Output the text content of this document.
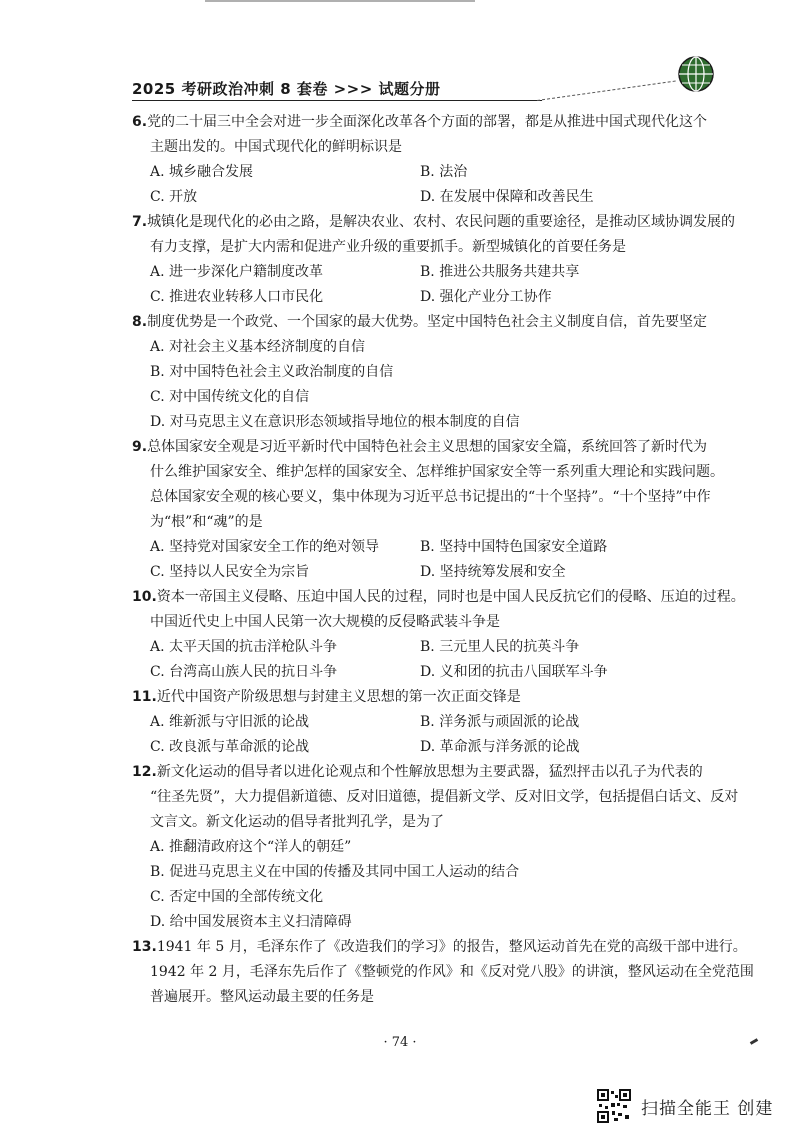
2025 考研政治冲刺 8 套卷 >>> 试题分册
6.党的二十届三中全会对进一步全面深化改革各个方面的部署，都是从推进中国式现代化这个
主题出发的。中国式现代化的鲜明标识是
A. 城乡融合发展	B. 法治
C. 开放	D. 在发展中保障和改善民生
7.城镇化是现代化的必由之路，是解决农业、农村、农民问题的重要途径，是推动区域协调发展的
有力支撑，是扩大内需和促进产业升级的重要抓手。新型城镇化的首要任务是
A. 进一步深化户籍制度改革	B. 推进公共服务共建共享
C. 推进农业转移人口市民化	D. 强化产业分工协作
8.制度优势是一个政党、一个国家的最大优势。坚定中国特色社会主义制度自信，首先要坚定
A. 对社会主义基本经济制度的自信
B. 对中国特色社会主义政治制度的自信
C. 对中国传统文化的自信
D. 对马克思主义在意识形态领域指导地位的根本制度的自信
9.总体国家安全观是习近平新时代中国特色社会主义思想的国家安全篇，系统回答了新时代为
什么维护国家安全、维护怎样的国家安全、怎样维护国家安全等一系列重大理论和实践问题。
总体国家安全观的核心要义，集中体现为习近平总书记提出的“十个坚持”。“十个坚持”中作
为“根”和“魂”的是
A. 坚持党对国家安全工作的绝对领导	B. 坚持中国特色国家安全道路
C. 坚持以人民安全为宗旨	D. 坚持统筹发展和安全
10.资本一帝国主义侵略、压迫中国人民的过程，同时也是中国人民反抗它们的侵略、压迫的过程。
中国近代史上中国人民第一次大规模的反侵略武装斗争是
A. 太平天国的抗击洋枪队斗争	B. 三元里人民的抗英斗争
C. 台湾高山族人民的抗日斗争	D. 义和团的抗击八国联军斗争
11.近代中国资产阶级思想与封建主义思想的第一次正面交锋是
A. 维新派与守旧派的论战	B. 洋务派与顽固派的论战
C. 改良派与革命派的论战	D. 革命派与洋务派的论战
12.新文化运动的倡导者以进化论观点和个性解放思想为主要武器，猛烈抨击以孔子为代表的
“往圣先贤”，大力提倡新道德、反对旧道德，提倡新文学、反对旧文学，包括提倡白话文、反对
文言文。新文化运动的倡导者批判孔学，是为了
A. 推翻清政府这个“洋人的朝廷”
B. 促进马克思主义在中国的传播及其同中国工人运动的结合
C. 否定中国的全部传统文化
D. 给中国发展资本主义扫清障碍
13.1941 年 5 月，毛泽东作了《改造我们的学习》的报告，整风运动首先在党的高级干部中进行。
1942 年 2 月，毛泽东先后作了《整顿党的作风》和《反对党八股》的讲演，整风运动在全党范围
普遍展开。整风运动最主要的任务是
· 74 ·
扫描全能王 创建
